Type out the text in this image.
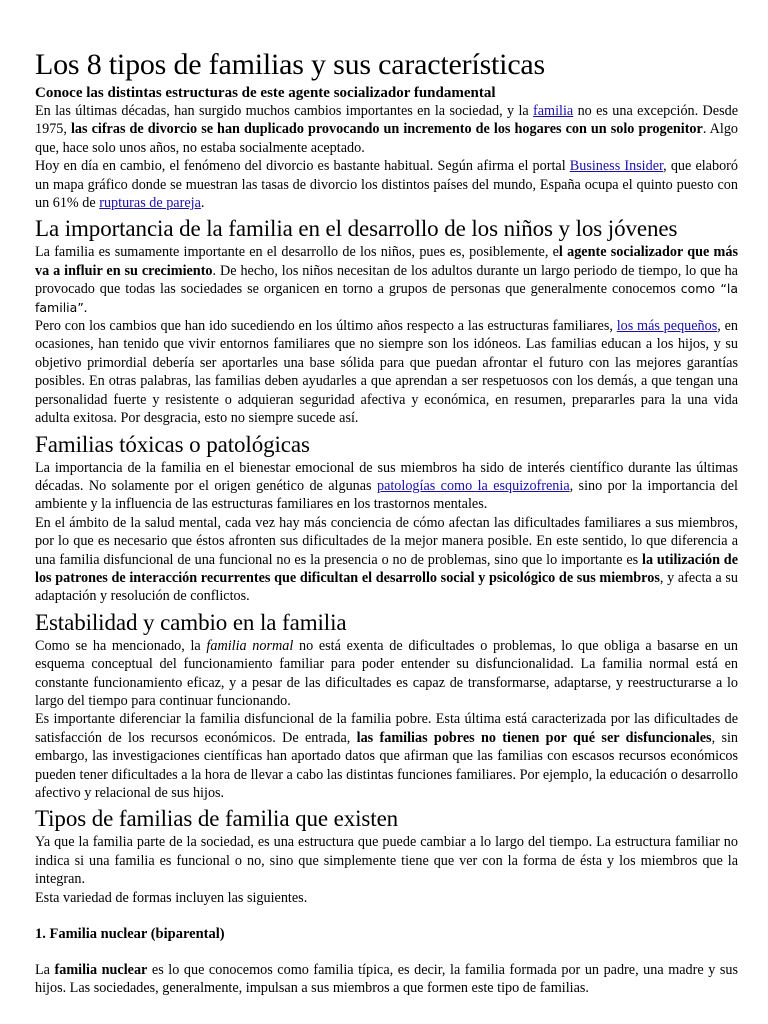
Los 8 tipos de familias y sus características
Conoce las distintas estructuras de este agente socializador fundamental

En las últimas décadas, han surgido muchos cambios importantes en la sociedad, y la familia no es una excepción. Desde 1975, las cifras de divorcio se han duplicado provocando un incremento de los hogares con un solo progenitor. Algo que, hace solo unos años, no estaba socialmente aceptado.

Hoy en día en cambio, el fenómeno del divorcio es bastante habitual. Según afirma el portal Business Insider, que elaboró un mapa gráfico donde se muestran las tasas de divorcio los distintos países del mundo, España ocupa el quinto puesto con un 61% de rupturas de pareja.

La importancia de la familia en el desarrollo de los niños y los jóvenes

La familia es sumamente importante en el desarrollo de los niños, pues es, posiblemente, el agente socializador que más va a influir en su crecimiento. De hecho, los niños necesitan de los adultos durante un largo periodo de tiempo, lo que ha provocado que todas las sociedades se organicen en torno a grupos de personas que generalmente conocemos como “la familia”.

Pero con los cambios que han ido sucediendo en los último años respecto a las estructuras familiares, los más pequeños, en ocasiones, han tenido que vivir entornos familiares que no siempre son los idóneos. Las familias educan a los hijos, y su objetivo primordial debería ser aportarles una base sólida para que puedan afrontar el futuro con las mejores garantías posibles. En otras palabras, las familias deben ayudarles a que aprendan a ser respetuosos con los demás, a que tengan una personalidad fuerte y resistente o adquieran seguridad afectiva y económica, en resumen, prepararles para la una vida adulta exitosa. Por desgracia, esto no siempre sucede así.

Familias tóxicas o patológicas

La importancia de la familia en el bienestar emocional de sus miembros ha sido de interés científico durante las últimas décadas. No solamente por el origen genético de algunas patologías como la esquizofrenia, sino por la importancia del ambiente y la influencia de las estructuras familiares en los trastornos mentales.

En el ámbito de la salud mental, cada vez hay más conciencia de cómo afectan las dificultades familiares a sus miembros, por lo que es necesario que éstos afronten sus dificultades de la mejor manera posible. En este sentido, lo que diferencia a una familia disfuncional de una funcional no es la presencia o no de problemas, sino que lo importante es la utilización de los patrones de interacción recurrentes que dificultan el desarrollo social y psicológico de sus miembros, y afecta a su adaptación y resolución de conflictos.

Estabilidad y cambio en la familia

Como se ha mencionado, la familia normal no está exenta de dificultades o problemas, lo que obliga a basarse en un esquema conceptual del funcionamiento familiar para poder entender su disfuncionalidad. La familia normal está en constante funcionamiento eficaz, y a pesar de las dificultades es capaz de transformarse, adaptarse, y reestructurarse a lo largo del tiempo para continuar funcionando.

Es importante diferenciar la familia disfuncional de la familia pobre. Esta última está caracterizada por las dificultades de satisfacción de los recursos económicos. De entrada, las familias pobres no tienen por qué ser disfuncionales, sin embargo, las investigaciones científicas han aportado datos que afirman que las familias con escasos recursos económicos pueden tener dificultades a la hora de llevar a cabo las distintas funciones familiares. Por ejemplo, la educación o desarrollo afectivo y relacional de sus hijos.

Tipos de familias de familia que existen

Ya que la familia parte de la sociedad, es una estructura que puede cambiar a lo largo del tiempo. La estructura familiar no indica si una familia es funcional o no, sino que simplemente tiene que ver con la forma de ésta y los miembros que la integran.

Esta variedad de formas incluyen las siguientes.

1. Familia nuclear (biparental)

La familia nuclear es lo que conocemos como familia típica, es decir, la familia formada por un padre, una madre y sus hijos. Las sociedades, generalmente, impulsan a sus miembros a que formen este tipo de familias.
